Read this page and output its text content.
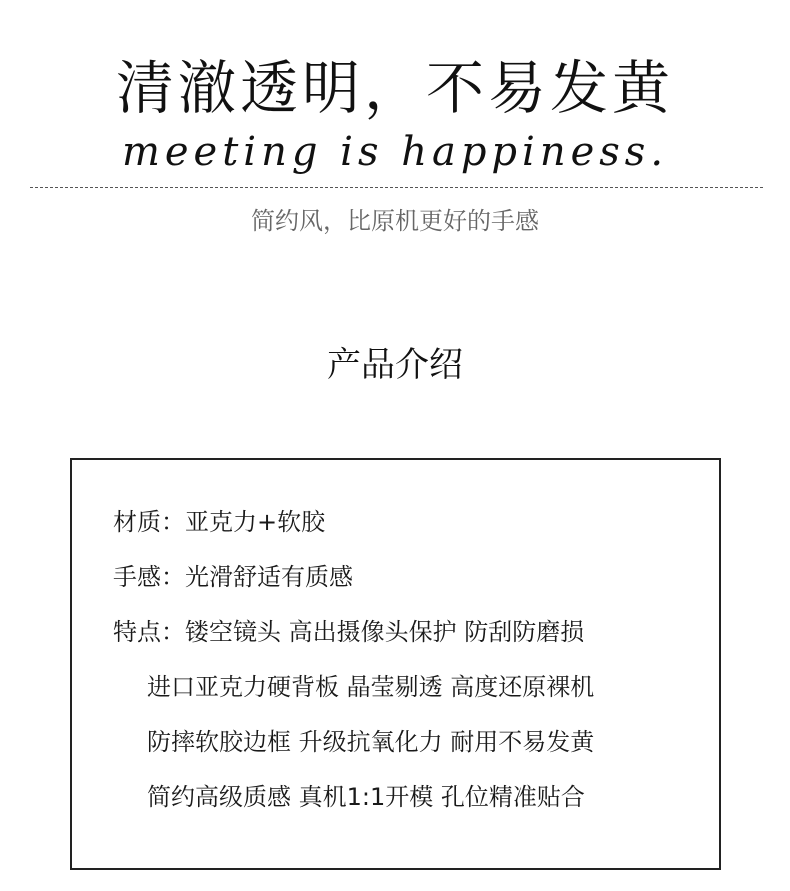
清澈透明，不易发黄
meeting is happiness.
简约风，比原机更好的手感
产品介绍
材质：亚克力+软胶
手感：光滑舒适有质感
特点：镂空镜头 高出摄像头保护 防刮防磨损
进口亚克力硬背板 晶莹剔透 高度还原裸机
防摔软胶边框 升级抗氧化力 耐用不易发黄
简约高级质感 真机1:1开模 孔位精准贴合
